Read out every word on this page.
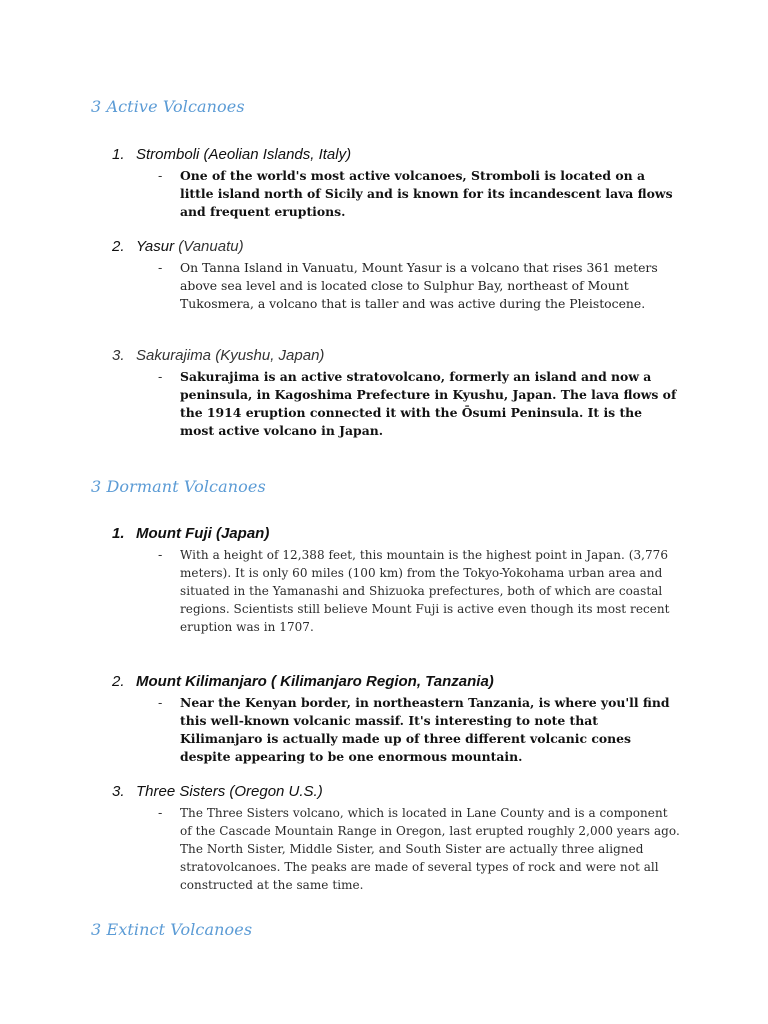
3 Active Volcanoes
1. Stromboli (Aeolian Islands, Italy)
- One of the world's most active volcanoes, Stromboli is located on a little island north of Sicily and is known for its incandescent lava flows and frequent eruptions.

2. Yasur (Vanuatu)
- On Tanna Island in Vanuatu, Mount Yasur is a volcano that rises 361 meters above sea level and is located close to Sulphur Bay, northeast of Mount Tukosmera, a volcano that is taller and was active during the Pleistocene.

3. Sakurajima (Kyushu, Japan)
- Sakurajima is an active stratovolcano, formerly an island and now a peninsula, in Kagoshima Prefecture in Kyushu, Japan. The lava flows of the 1914 eruption connected it with the Ōsumi Peninsula. It is the most active volcano in Japan.

3 Dormant Volcanoes
1. Mount Fuji (Japan)
- With a height of 12,388 feet, this mountain is the highest point in Japan. (3,776 meters). It is only 60 miles (100 km) from the Tokyo-Yokohama urban area and situated in the Yamanashi and Shizuoka prefectures, both of which are coastal regions. Scientists still believe Mount Fuji is active even though its most recent eruption was in 1707.

2. Mount Kilimanjaro ( Kilimanjaro Region, Tanzania)
- Near the Kenyan border, in northeastern Tanzania, is where you'll find this well-known volcanic massif. It's interesting to note that Kilimanjaro is actually made up of three different volcanic cones despite appearing to be one enormous mountain.

3. Three Sisters (Oregon U.S.)
- The Three Sisters volcano, which is located in Lane County and is a component of the Cascade Mountain Range in Oregon, last erupted roughly 2,000 years ago. The North Sister, Middle Sister, and South Sister are actually three aligned stratovolcanoes. The peaks are made of several types of rock and were not all constructed at the same time.

3 Extinct Volcanoes
